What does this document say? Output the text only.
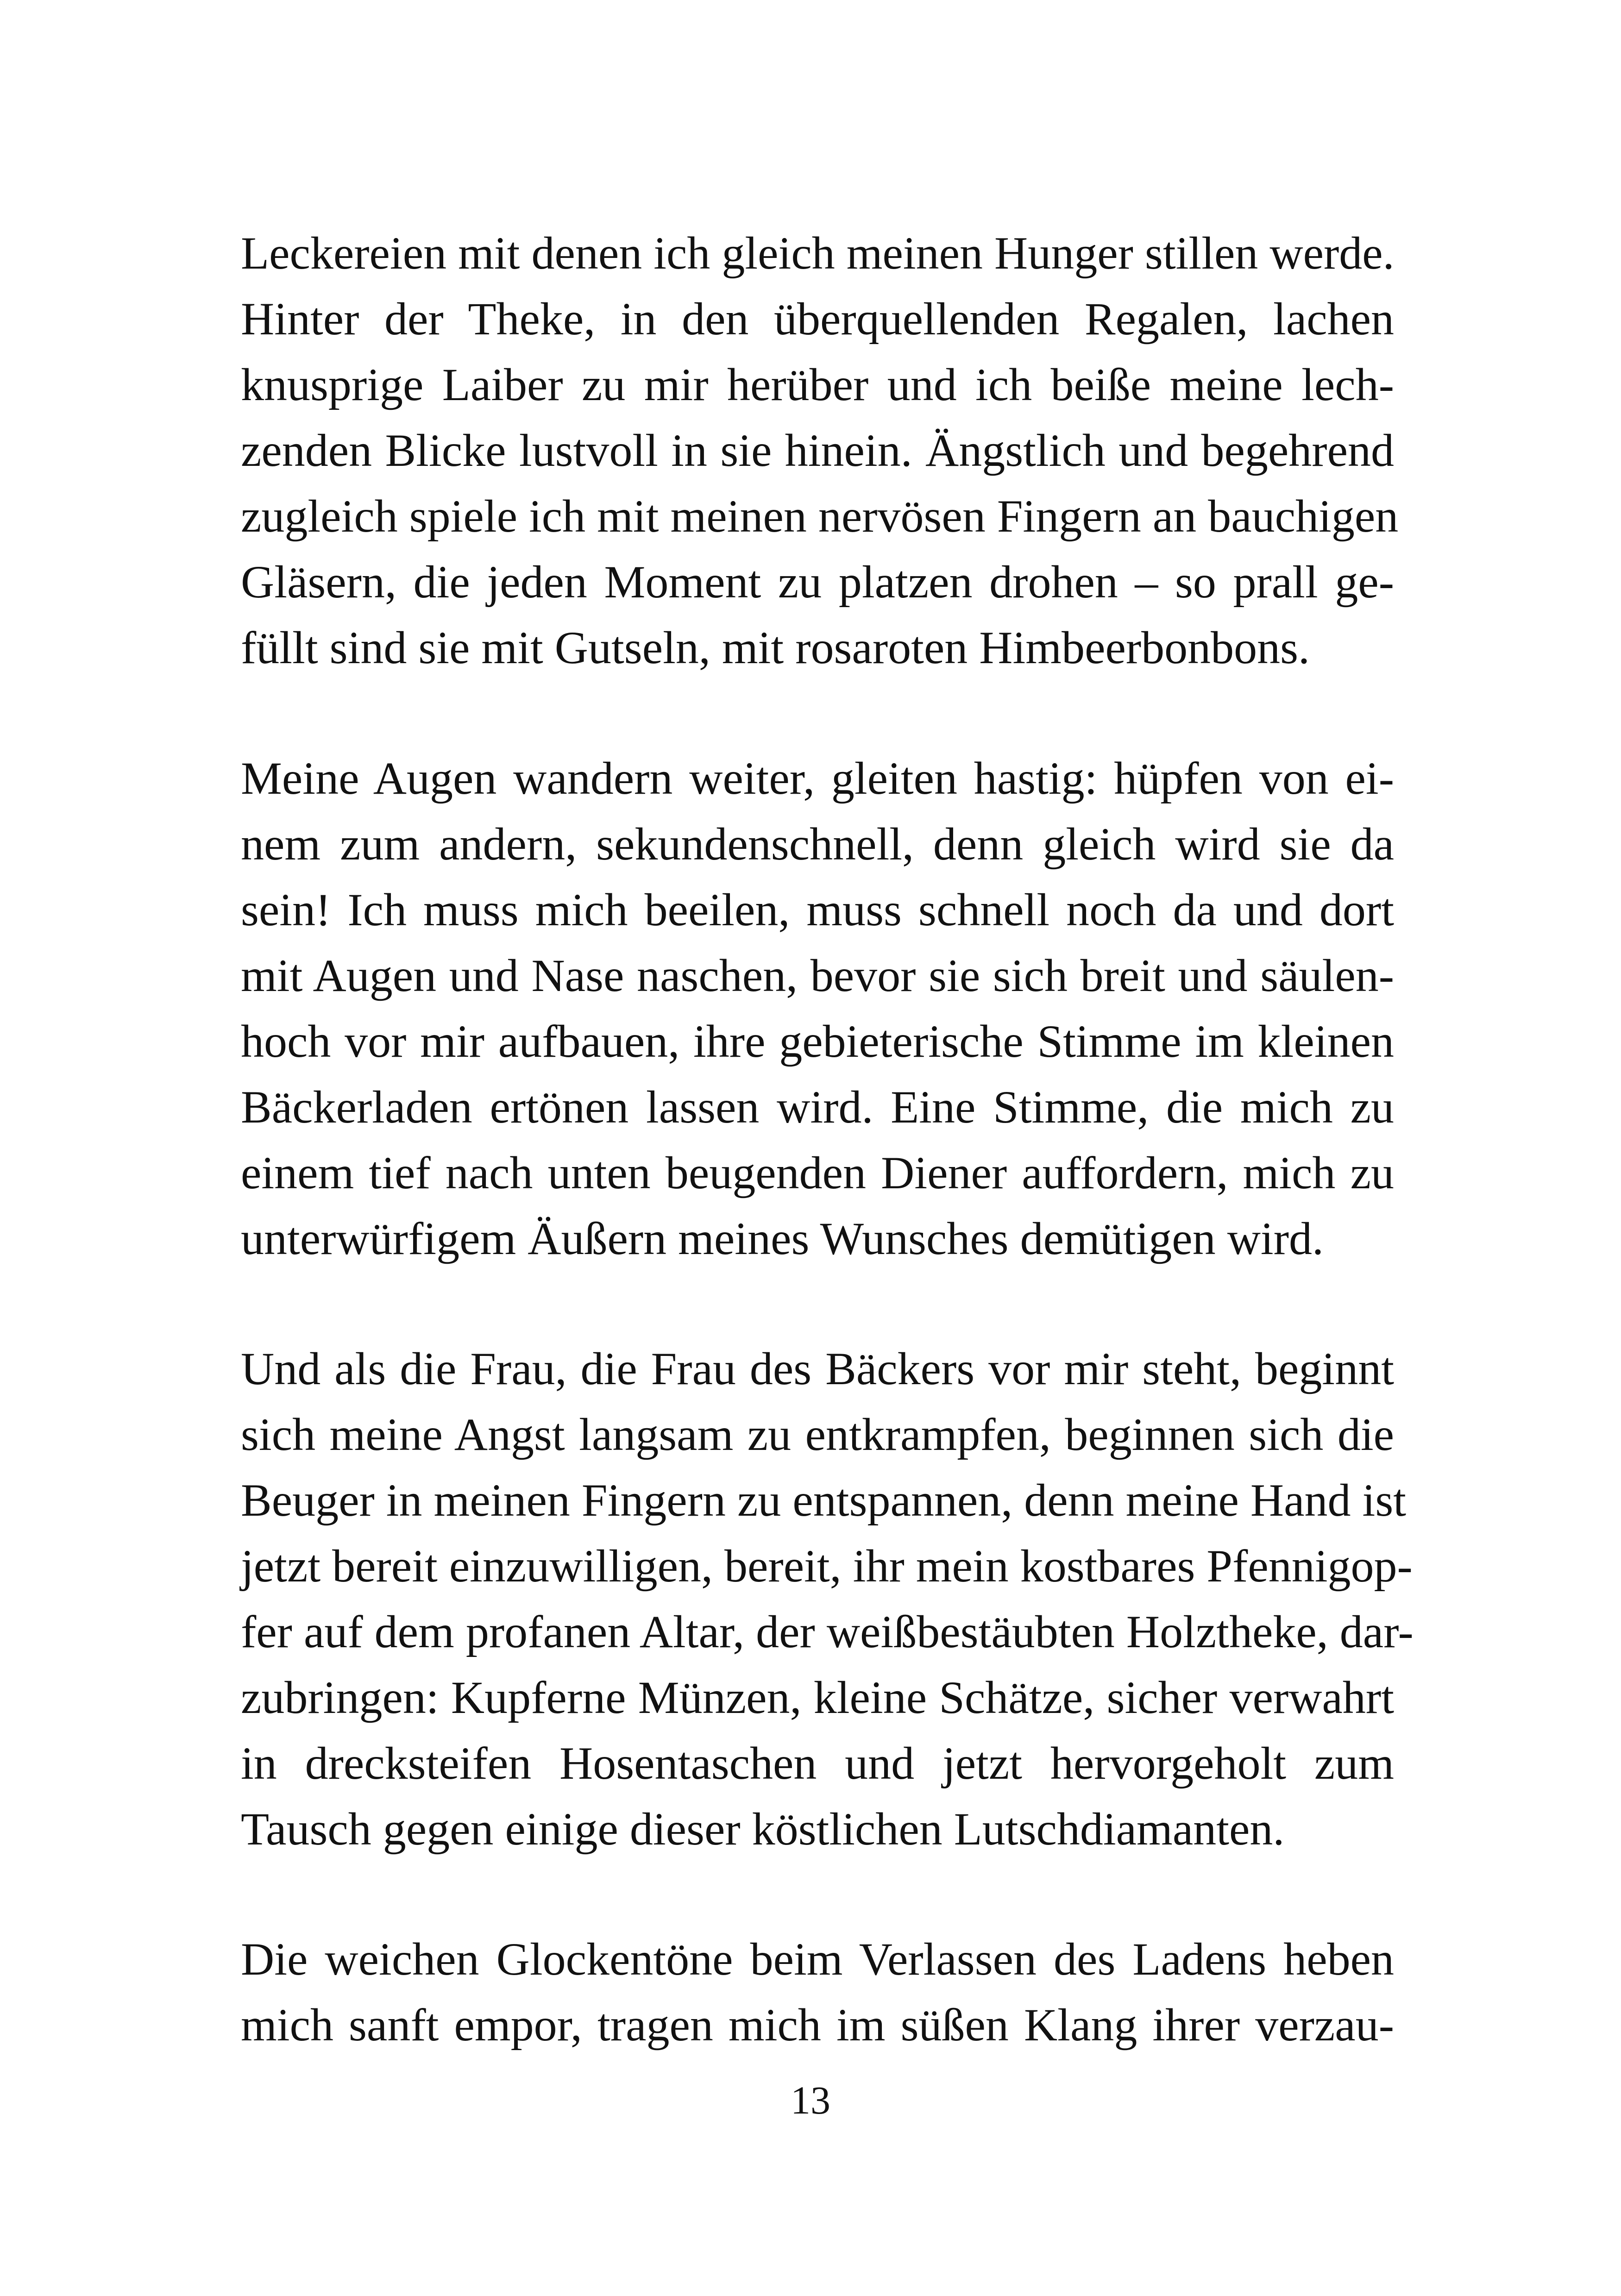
Leckereien mit denen ich gleich meinen Hunger stillen werde.
Hinter der Theke, in den überquellenden Regalen, lachen
knusprige Laiber zu mir herüber und ich beiße meine lech-
zenden Blicke lustvoll in sie hinein. Ängstlich und begehrend
zugleich spiele ich mit meinen nervösen Fingern an bauchigen
Gläsern, die jeden Moment zu platzen drohen – so prall ge-
füllt sind sie mit Gutseln, mit rosaroten Himbeerbonbons.
Meine Augen wandern weiter, gleiten hastig: hüpfen von ei-
nem zum andern, sekundenschnell, denn gleich wird sie da
sein! Ich muss mich beeilen, muss schnell noch da und dort
mit Augen und Nase naschen, bevor sie sich breit und säulen-
hoch vor mir aufbauen, ihre gebieterische Stimme im kleinen
Bäckerladen ertönen lassen wird. Eine Stimme, die mich zu
einem tief nach unten beugenden Diener auffordern, mich zu
unterwürfigem Äußern meines Wunsches demütigen wird.
Und als die Frau, die Frau des Bäckers vor mir steht, beginnt
sich meine Angst langsam zu entkrampfen, beginnen sich die
Beuger in meinen Fingern zu entspannen, denn meine Hand ist
jetzt bereit einzuwilligen, bereit, ihr mein kostbares Pfennigop-
fer auf dem profanen Altar, der weißbestäubten Holztheke, dar-
zubringen: Kupferne Münzen, kleine Schätze, sicher verwahrt
in drecksteifen Hosentaschen und jetzt hervorgeholt zum
Tausch gegen einige dieser köstlichen Lutschdiamanten.
Die weichen Glockentöne beim Verlassen des Ladens heben
mich sanft empor, tragen mich im süßen Klang ihrer verzau-
13
